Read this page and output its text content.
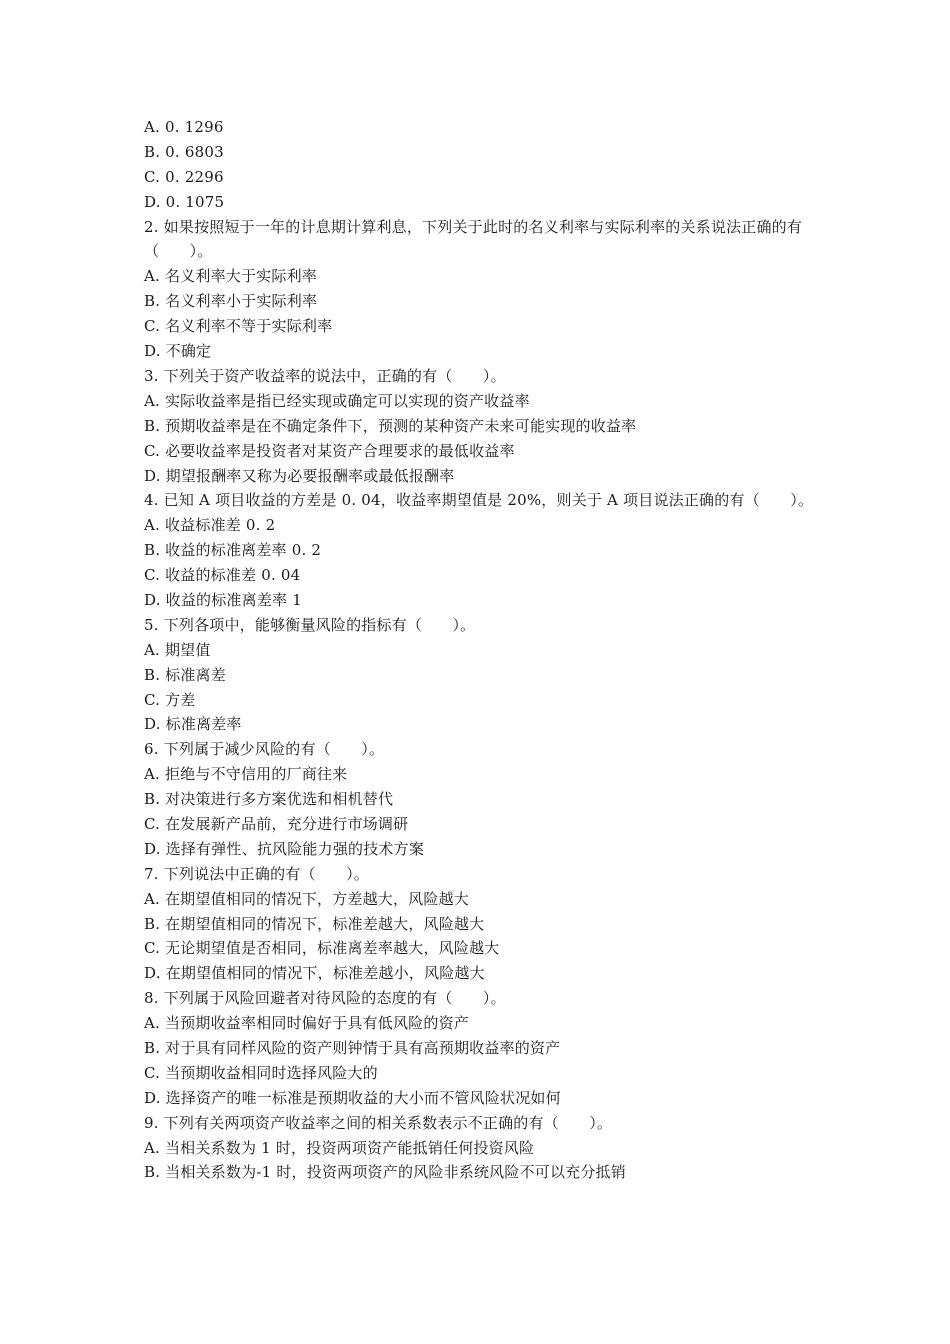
A. 0. 1296
B. 0. 6803
C. 0. 2296
D. 0. 1075
2. 如果按照短于一年的计息期计算利息，下列关于此时的名义利率与实际利率的关系说法正确的有（　　）。
A. 名义利率大于实际利率
B. 名义利率小于实际利率
C. 名义利率不等于实际利率
D. 不确定
3. 下列关于资产收益率的说法中，正确的有（　　）。
A. 实际收益率是指已经实现或确定可以实现的资产收益率
B. 预期收益率是在不确定条件下，预测的某种资产未来可能实现的收益率
C. 必要收益率是投资者对某资产合理要求的最低收益率
D. 期望报酬率又称为必要报酬率或最低报酬率
4. 已知 A 项目收益的方差是 0. 04，收益率期望值是 20%，则关于 A 项目说法正确的有（　　）。
A. 收益标准差 0. 2
B. 收益的标准离差率 0. 2
C. 收益的标准差 0. 04
D. 收益的标准离差率 1
5. 下列各项中，能够衡量风险的指标有（　　）。
A. 期望值
B. 标准离差
C. 方差
D. 标准离差率
6. 下列属于减少风险的有（　　）。
A. 拒绝与不守信用的厂商往来
B. 对决策进行多方案优选和相机替代
C. 在发展新产品前，充分进行市场调研
D. 选择有弹性、抗风险能力强的技术方案
7. 下列说法中正确的有（　　）。
A. 在期望值相同的情况下，方差越大，风险越大
B. 在期望值相同的情况下，标准差越大，风险越大
C. 无论期望值是否相同，标准离差率越大，风险越大
D. 在期望值相同的情况下，标准差越小，风险越大
8. 下列属于风险回避者对待风险的态度的有（　　）。
A. 当预期收益率相同时偏好于具有低风险的资产
B. 对于具有同样风险的资产则钟情于具有高预期收益率的资产
C. 当预期收益相同时选择风险大的
D. 选择资产的唯一标准是预期收益的大小而不管风险状况如何
9. 下列有关两项资产收益率之间的相关系数表示不正确的有（　　）。
A. 当相关系数为 1 时，投资两项资产能抵销任何投资风险
B. 当相关系数为-1 时，投资两项资产的风险非系统风险不可以充分抵销
